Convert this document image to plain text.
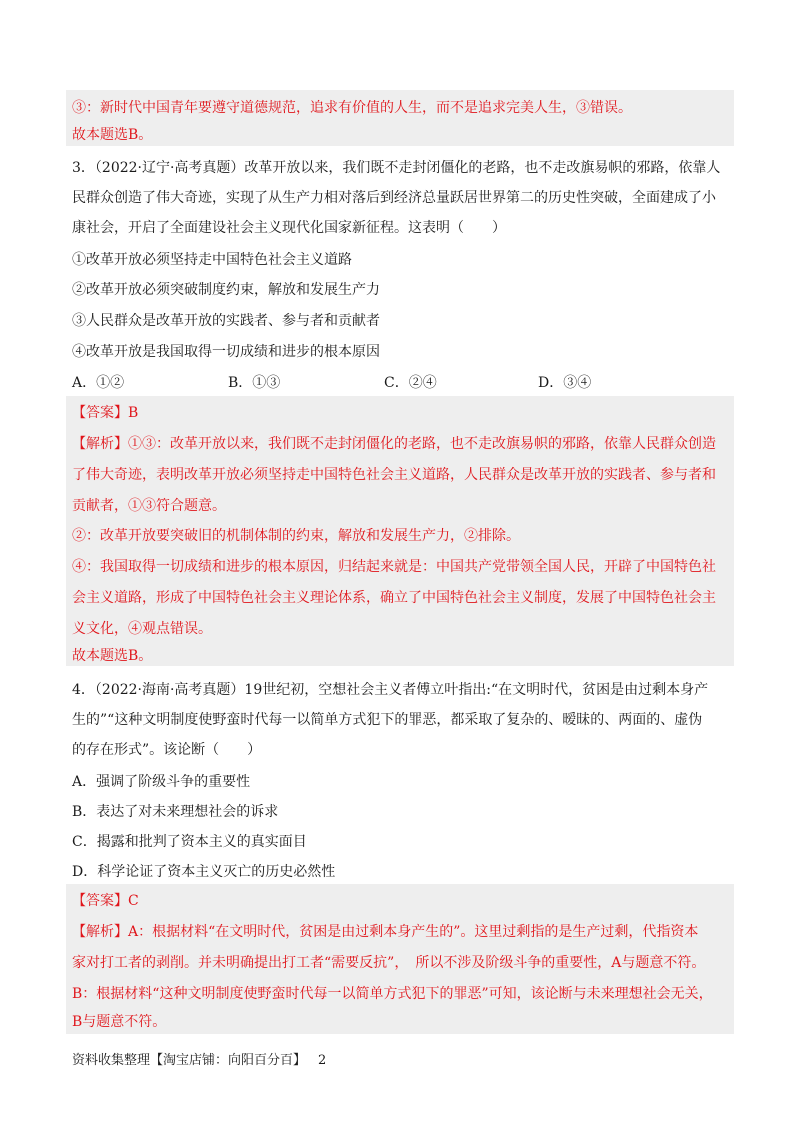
③：新时代中国青年要遵守道德规范，追求有价值的人生，而不是追求完美人生，③错误。
故本题选B。
3．（2022·辽宁·高考真题）改革开放以来，我们既不走封闭僵化的老路，也不走改旗易帜的邪路，依靠人
民群众创造了伟大奇迹，实现了从生产力相对落后到经济总量跃居世界第二的历史性突破，全面建成了小
康社会，开启了全面建设社会主义现代化国家新征程。这表明（　　）
①改革开放必须坚持走中国特色社会主义道路
②改革开放必须突破制度约束，解放和发展生产力
③人民群众是改革开放的实践者、参与者和贡献者
④改革开放是我国取得一切成绩和进步的根本原因
A．①②	B．①③	C．②④	D．③④
【答案】B
【解析】①③：改革开放以来，我们既不走封闭僵化的老路，也不走改旗易帜的邪路，依靠人民群众创造
了伟大奇迹，表明改革开放必须坚持走中国特色社会主义道路，人民群众是改革开放的实践者、参与者和
贡献者，①③符合题意。
②：改革开放要突破旧的机制体制的约束，解放和发展生产力，②排除。
④：我国取得一切成绩和进步的根本原因，归结起来就是：中国共产党带领全国人民，开辟了中国特色社
会主义道路，形成了中国特色社会主义理论体系，确立了中国特色社会主义制度，发展了中国特色社会主
义文化，④观点错误。
故本题选B。
4．（2022·海南·高考真题）19世纪初，空想社会主义者傅立叶指出:“在文明时代，贫困是由过剩本身产
生的”“这种文明制度使野蛮时代每一以简单方式犯下的罪恶，都采取了复杂的、暧昧的、两面的、虚伪
的存在形式”。该论断（　　）
A．强调了阶级斗争的重要性
B．表达了对未来理想社会的诉求
C．揭露和批判了资本主义的真实面目
D．科学论证了资本主义灭亡的历史必然性
【答案】C
【解析】A：根据材料“在文明时代，贫困是由过剩本身产生的”。这里过剩指的是生产过剩，代指资本
家对打工者的剥削。并未明确提出打工者“需要反抗”，　所以不涉及阶级斗争的重要性，A与题意不符。
B：根据材料“这种文明制度使野蛮时代每一以简单方式犯下的罪恶”可知，该论断与未来理想社会无关，
B与题意不符。
资料收集整理【淘宝店铺：向阳百分百】 2
